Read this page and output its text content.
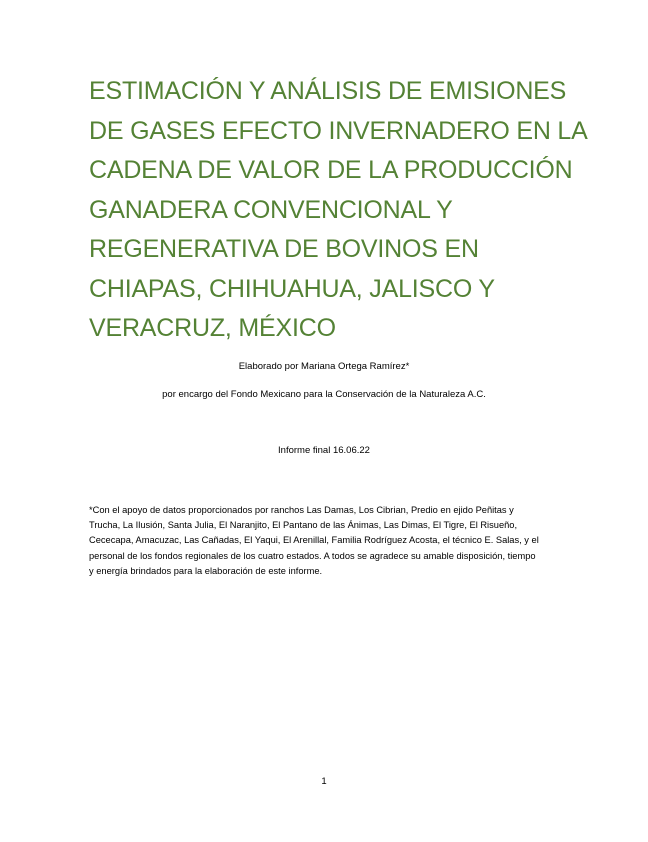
ESTIMACIÓN Y ANÁLISIS DE EMISIONES
DE GASES EFECTO INVERNADERO EN LA
CADENA DE VALOR DE LA PRODUCCIÓN
GANADERA CONVENCIONAL Y
REGENERATIVA DE BOVINOS EN
CHIAPAS, CHIHUAHUA, JALISCO Y
VERACRUZ, MÉXICO
Elaborado por Mariana Ortega Ramírez*
por encargo del Fondo Mexicano para la Conservación de la Naturaleza A.C.
Informe final 16.06.22
*Con el apoyo de datos proporcionados por ranchos Las Damas, Los Cibrian, Predio en ejido Peñitas y
Trucha, La Ilusión, Santa Julia, El Naranjito, El Pantano de las Ánimas, Las Dimas, El Tigre, El Risueño,
Cececapa, Amacuzac, Las Cañadas, El Yaqui, El Arenillal, Familia Rodríguez Acosta, el técnico E. Salas, y el
personal de los fondos regionales de los cuatro estados. A todos se agradece su amable disposición, tiempo
y energía brindados para la elaboración de este informe.
1
